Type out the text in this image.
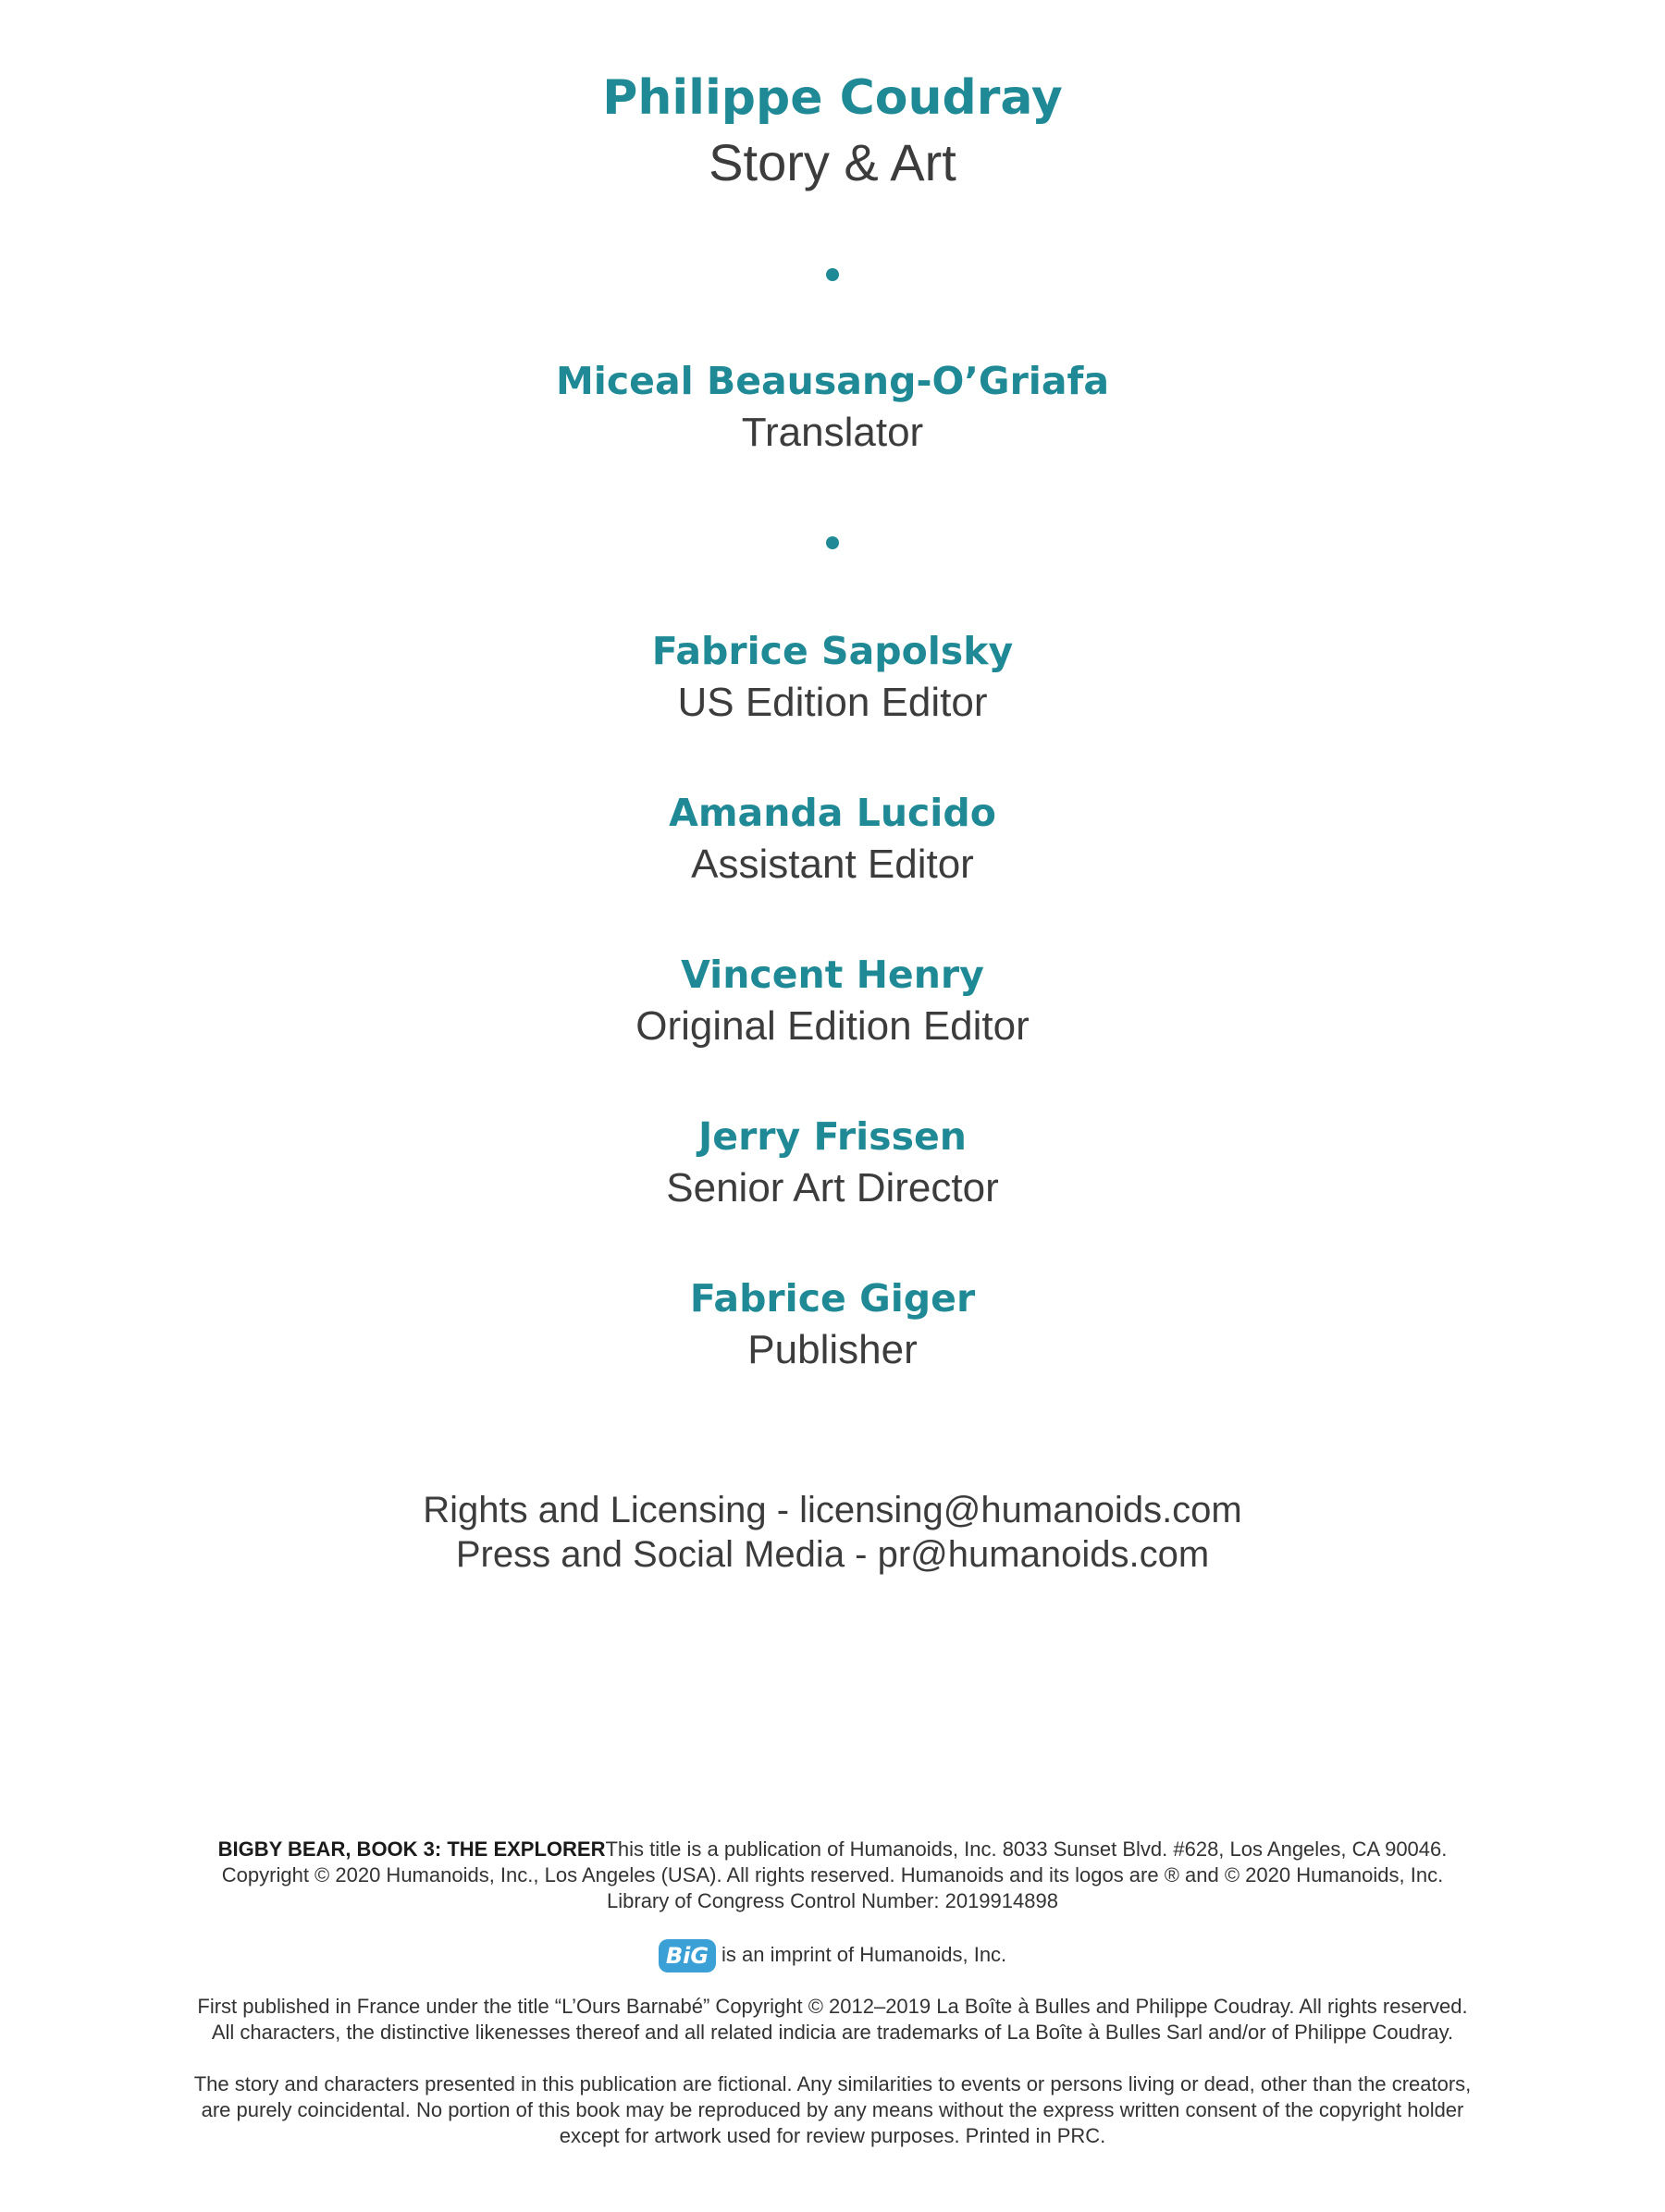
Philippe Coudray
Story & Art
Miceal Beausang-O’Griafa
Translator
Fabrice Sapolsky
US Edition Editor
Amanda Lucido
Assistant Editor
Vincent Henry
Original Edition Editor
Jerry Frissen
Senior Art Director
Fabrice Giger
Publisher
Rights and Licensing - licensing@humanoids.com
Press and Social Media - pr@humanoids.com
BIGBY BEAR, BOOK 3: THE EXPLORERThis title is a publication of Humanoids, Inc. 8033 Sunset Blvd. #628, Los Angeles, CA 90046.
Copyright © 2020 Humanoids, Inc., Los Angeles (USA). All rights reserved. Humanoids and its logos are ® and © 2020 Humanoids, Inc.
Library of Congress Control Number: 2019914898
BiG is an imprint of Humanoids, Inc.
First published in France under the title “L’Ours Barnabé” Copyright © 2012–2019 La Boîte à Bulles and Philippe Coudray. All rights reserved.
All characters, the distinctive likenesses thereof and all related indicia are trademarks of La Boîte à Bulles Sarl and/or of Philippe Coudray.
The story and characters presented in this publication are fictional. Any similarities to events or persons living or dead, other than the creators,
are purely coincidental. No portion of this book may be reproduced by any means without the express written consent of the copyright holder
except for artwork used for review purposes. Printed in PRC.
